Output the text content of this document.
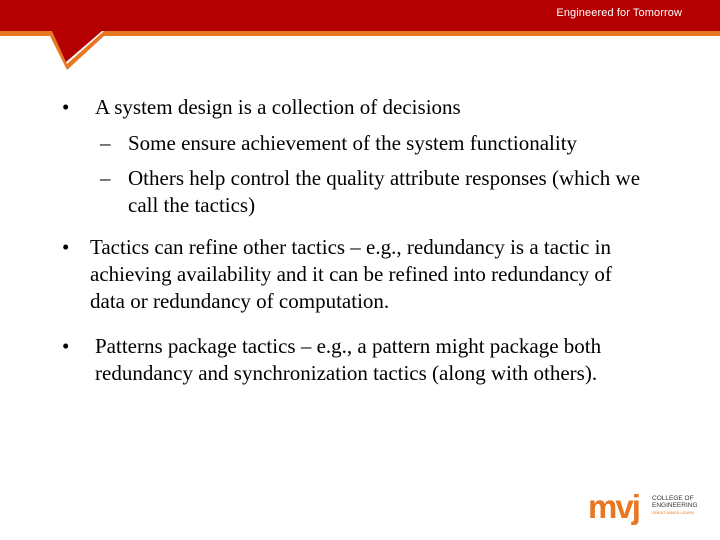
Engineered for Tomorrow
•	A system design is a collection of decisions
– Some ensure achievement of the system functionality
– Others help control the quality attribute responses (which we call the tactics)
• Tactics can refine other tactics – e.g., redundancy is a tactic in achieving availability and it can be refined into redundancy of data or redundancy of computation.
•	Patterns package tactics – e.g., a pattern might package both redundancy and synchronization tactics (along with others).
mvj COLLEGE OF
ENGINEERING
GREAT MINDS LEARN
